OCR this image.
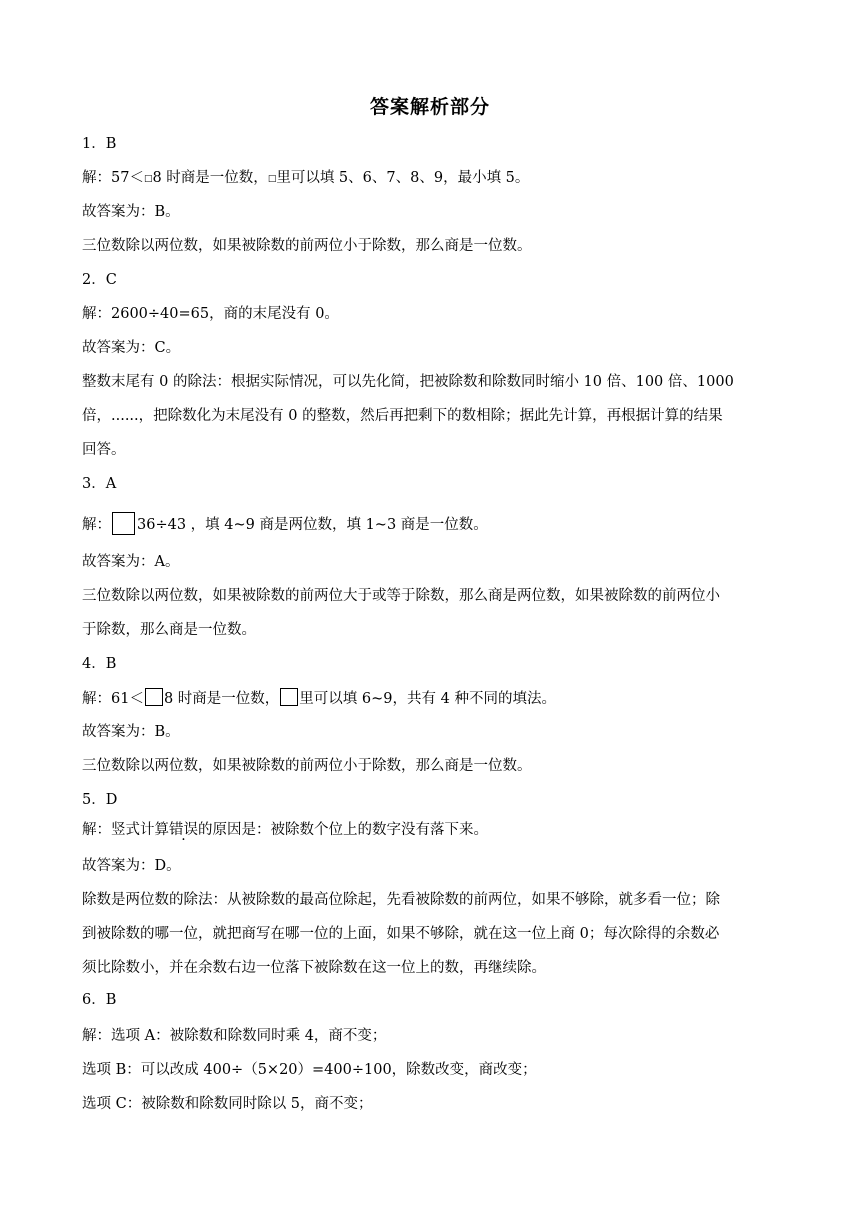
答案解析部分
1．B
解：57＜□8 时商是一位数，□里可以填 5、6、7、8、9，最小填 5。
故答案为：B。
三位数除以两位数，如果被除数的前两位小于除数，那么商是一位数。
2．C
解：2600÷40=65，商的末尾没有 0。
故答案为：C。
整数末尾有 0 的除法：根据实际情况，可以先化简，把被除数和除数同时缩小 10 倍、100 倍、1000
倍，......，把除数化为末尾没有 0 的整数，然后再把剩下的数相除；据此先计算，再根据计算的结果
回答。
3．A
解： 36÷43 ，填 4~9 商是两位数，填 1~3 商是一位数。
故答案为：A。
三位数除以两位数，如果被除数的前两位大于或等于除数，那么商是两位数，如果被除数的前两位小
于除数，那么商是一位数。
4．B
解：61＜ 8 时商是一位数， 里可以填 6~9，共有 4 种不同的填法。
故答案为：B。
三位数除以两位数，如果被除数的前两位小于除数，那么商是一位数。
5．D
解：竖式计算错误的原因是：被除数个位上的数字没有落下来。
故答案为：D。
除数是两位数的除法：从被除数的最高位除起，先看被除数的前两位，如果不够除，就多看一位；除
到被除数的哪一位，就把商写在哪一位的上面，如果不够除，就在这一位上商 0；每次除得的余数必
须比除数小，并在余数右边一位落下被除数在这一位上的数，再继续除。
6．B
解：选项 A：被除数和除数同时乘 4，商不变；
选项 B：可以改成 400÷（5×20）=400÷100，除数改变，商改变；
选项 C：被除数和除数同时除以 5，商不变；
